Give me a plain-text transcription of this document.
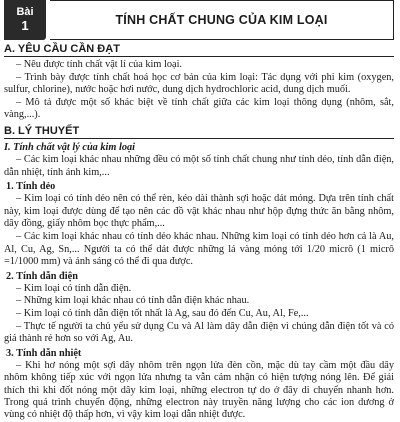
Bài
1	TÍNH CHẤT CHUNG CỦA KIM LOẠI
A. YÊU CẦU CẦN ĐẠT

– Nêu được tính chất vật lí của kim loại.

– Trình bày được tính chất hoá học cơ bản của kim loại: Tác dụng với phi kim (oxygen, sulfur, chlorine), nước hoặc hơi nước, dung dịch hydrochloric acid, dung dịch muối.

– Mô tả được một số khác biệt về tính chất giữa các kim loại thông dụng (nhôm, sắt, vàng,...).

B. LÝ THUYẾT
I. Tính chất vật lý của kim loại

– Các kim loại khác nhau những đều có một số tính chất chung như tính dẻo, tính dẫn điện, dẫn nhiệt, tính ánh kim,...

1. Tính dẻo

– Kim loại có tính dẻo nên có thể rèn, kéo dài thành sợi hoặc dát mỏng. Dựa trên tính chất này, kim loại được dùng để tạo nên các đồ vật khác nhau như hộp đựng thức ăn bằng nhôm, dây đồng, giấy nhôm bọc thực phẩm,...

– Các kim loại khác nhau có tính dẻo khác nhau. Những kim loại có tính dẻo hơn cả là Au, Al, Cu, Ag, Sn,... Người ta có thể dát được những lá vàng mỏng tới 1/20 micrô (1 micrô =1/1000 mm) và ánh sáng có thể đi qua được.

2. Tính dẫn điện

– Kim loại có tính dẫn điện.

– Những kim loại khác nhau có tính dẫn điện khác nhau.

– Kim loại có tính dẫn điện tốt nhất là Ag, sau đó đến Cu, Au, Al, Fe,...

– Thực tế người ta chủ yếu sử dụng Cu và Al làm dây dẫn điện vì chúng dẫn điện tốt và có giá thành rẻ hơn so với Ag, Au.

3. Tính dẫn nhiệt

– Khi hơ nóng một sợi dây nhôm trên ngọn lửa đèn cồn, mặc dù tay cầm một đầu dây nhôm không tiếp xúc với ngọn lửa nhưng ta vẫn cảm nhận có hiện tượng nóng lên. Để giải thích thì khi đốt nóng một dây kim loại, những electron tự do ở đây di chuyển nhanh hơn. Trong quá trình chuyển động, những electron này truyền năng lượng cho các ion dương ở vùng có nhiệt độ thấp hơn, vì vậy kim loại dẫn nhiệt được.
